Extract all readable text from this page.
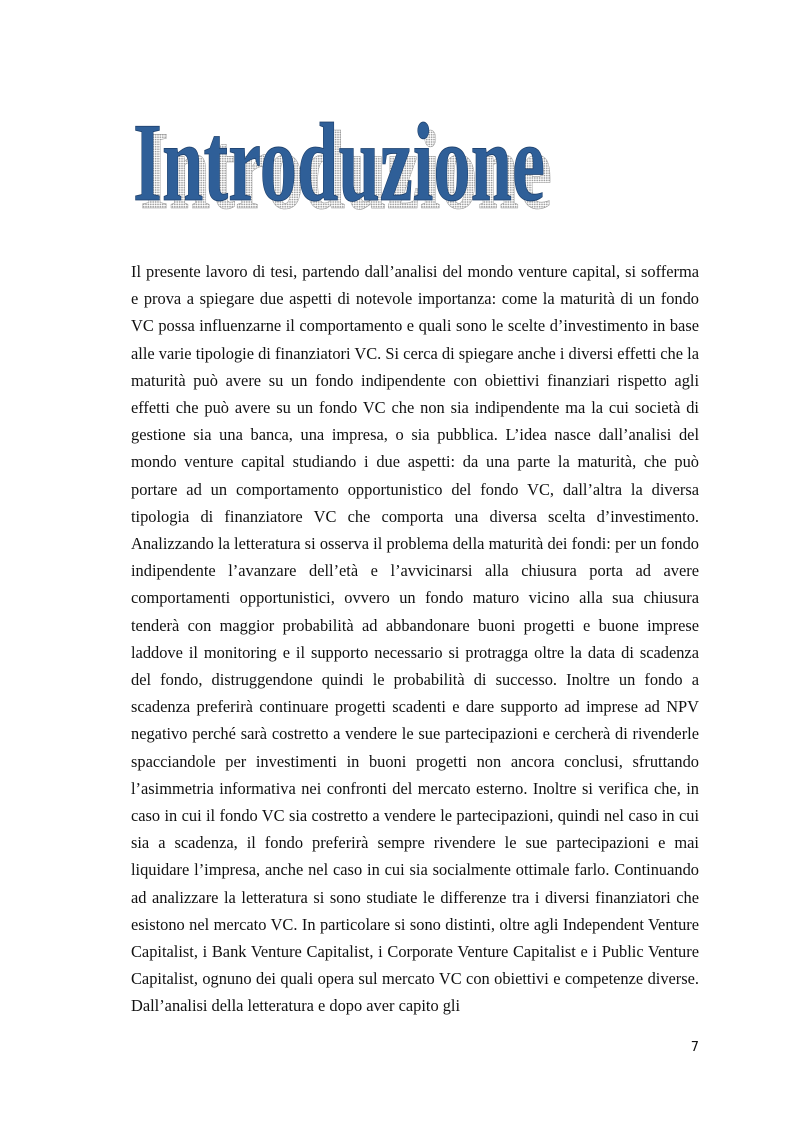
Introduzione
Introduzione

Il presente lavoro di tesi, partendo dall’analisi del mondo venture capital, si sofferma e prova a spiegare due aspetti di notevole importanza: come la maturità di un fondo VC possa influenzarne il comportamento e quali sono le scelte d’investimento in base alle varie tipologie di finanziatori VC. Si cerca di spiegare anche i diversi effetti che la maturità può avere su un fondo indipendente con obiettivi finanziari rispetto agli effetti che può avere su un fondo VC che non sia indipendente ma la cui società di gestione sia una banca, una impresa, o sia pubblica. L’idea nasce dall’analisi del mondo venture capital studiando i due aspetti: da una parte la maturità, che può portare ad un comportamento opportunistico del fondo VC, dall’altra la diversa tipologia di finanziatore VC che comporta una diversa scelta d’investimento. Analizzando la letteratura si osserva il problema della maturità dei fondi: per un fondo indipendente l’avanzare dell’età e l’avvicinarsi alla chiusura porta ad avere comportamenti opportunistici, ovvero un fondo maturo vicino alla sua chiusura tenderà con maggior probabilità ad abbandonare buoni progetti e buone imprese laddove il monitoring e il supporto necessario si protragga oltre la data di scadenza del fondo, distruggendone quindi le probabilità di successo. Inoltre un fondo a scadenza preferirà continuare progetti scadenti e dare supporto ad imprese ad NPV negativo perché sarà costretto a vendere le sue partecipazioni e cercherà di rivenderle spacciandole per investimenti in buoni progetti non ancora conclusi, sfruttando l’asimmetria informativa nei confronti del mercato esterno. Inoltre si verifica che, in caso in cui il fondo VC sia costretto a vendere le partecipazioni, quindi nel caso in cui sia a scadenza, il fondo preferirà sempre rivendere le sue partecipazioni e mai liquidare l’impresa, anche nel caso in cui sia socialmente ottimale farlo. Continuando ad analizzare la letteratura si sono studiate le differenze tra i diversi finanziatori che esistono nel mercato VC. In particolare si sono distinti, oltre agli Independent Venture Capitalist, i Bank Venture Capitalist, i Corporate Venture Capitalist e i Public Venture Capitalist, ognuno dei quali opera sul mercato VC con obiettivi e competenze diverse. Dall’analisi della letteratura e dopo aver capito gli

7
